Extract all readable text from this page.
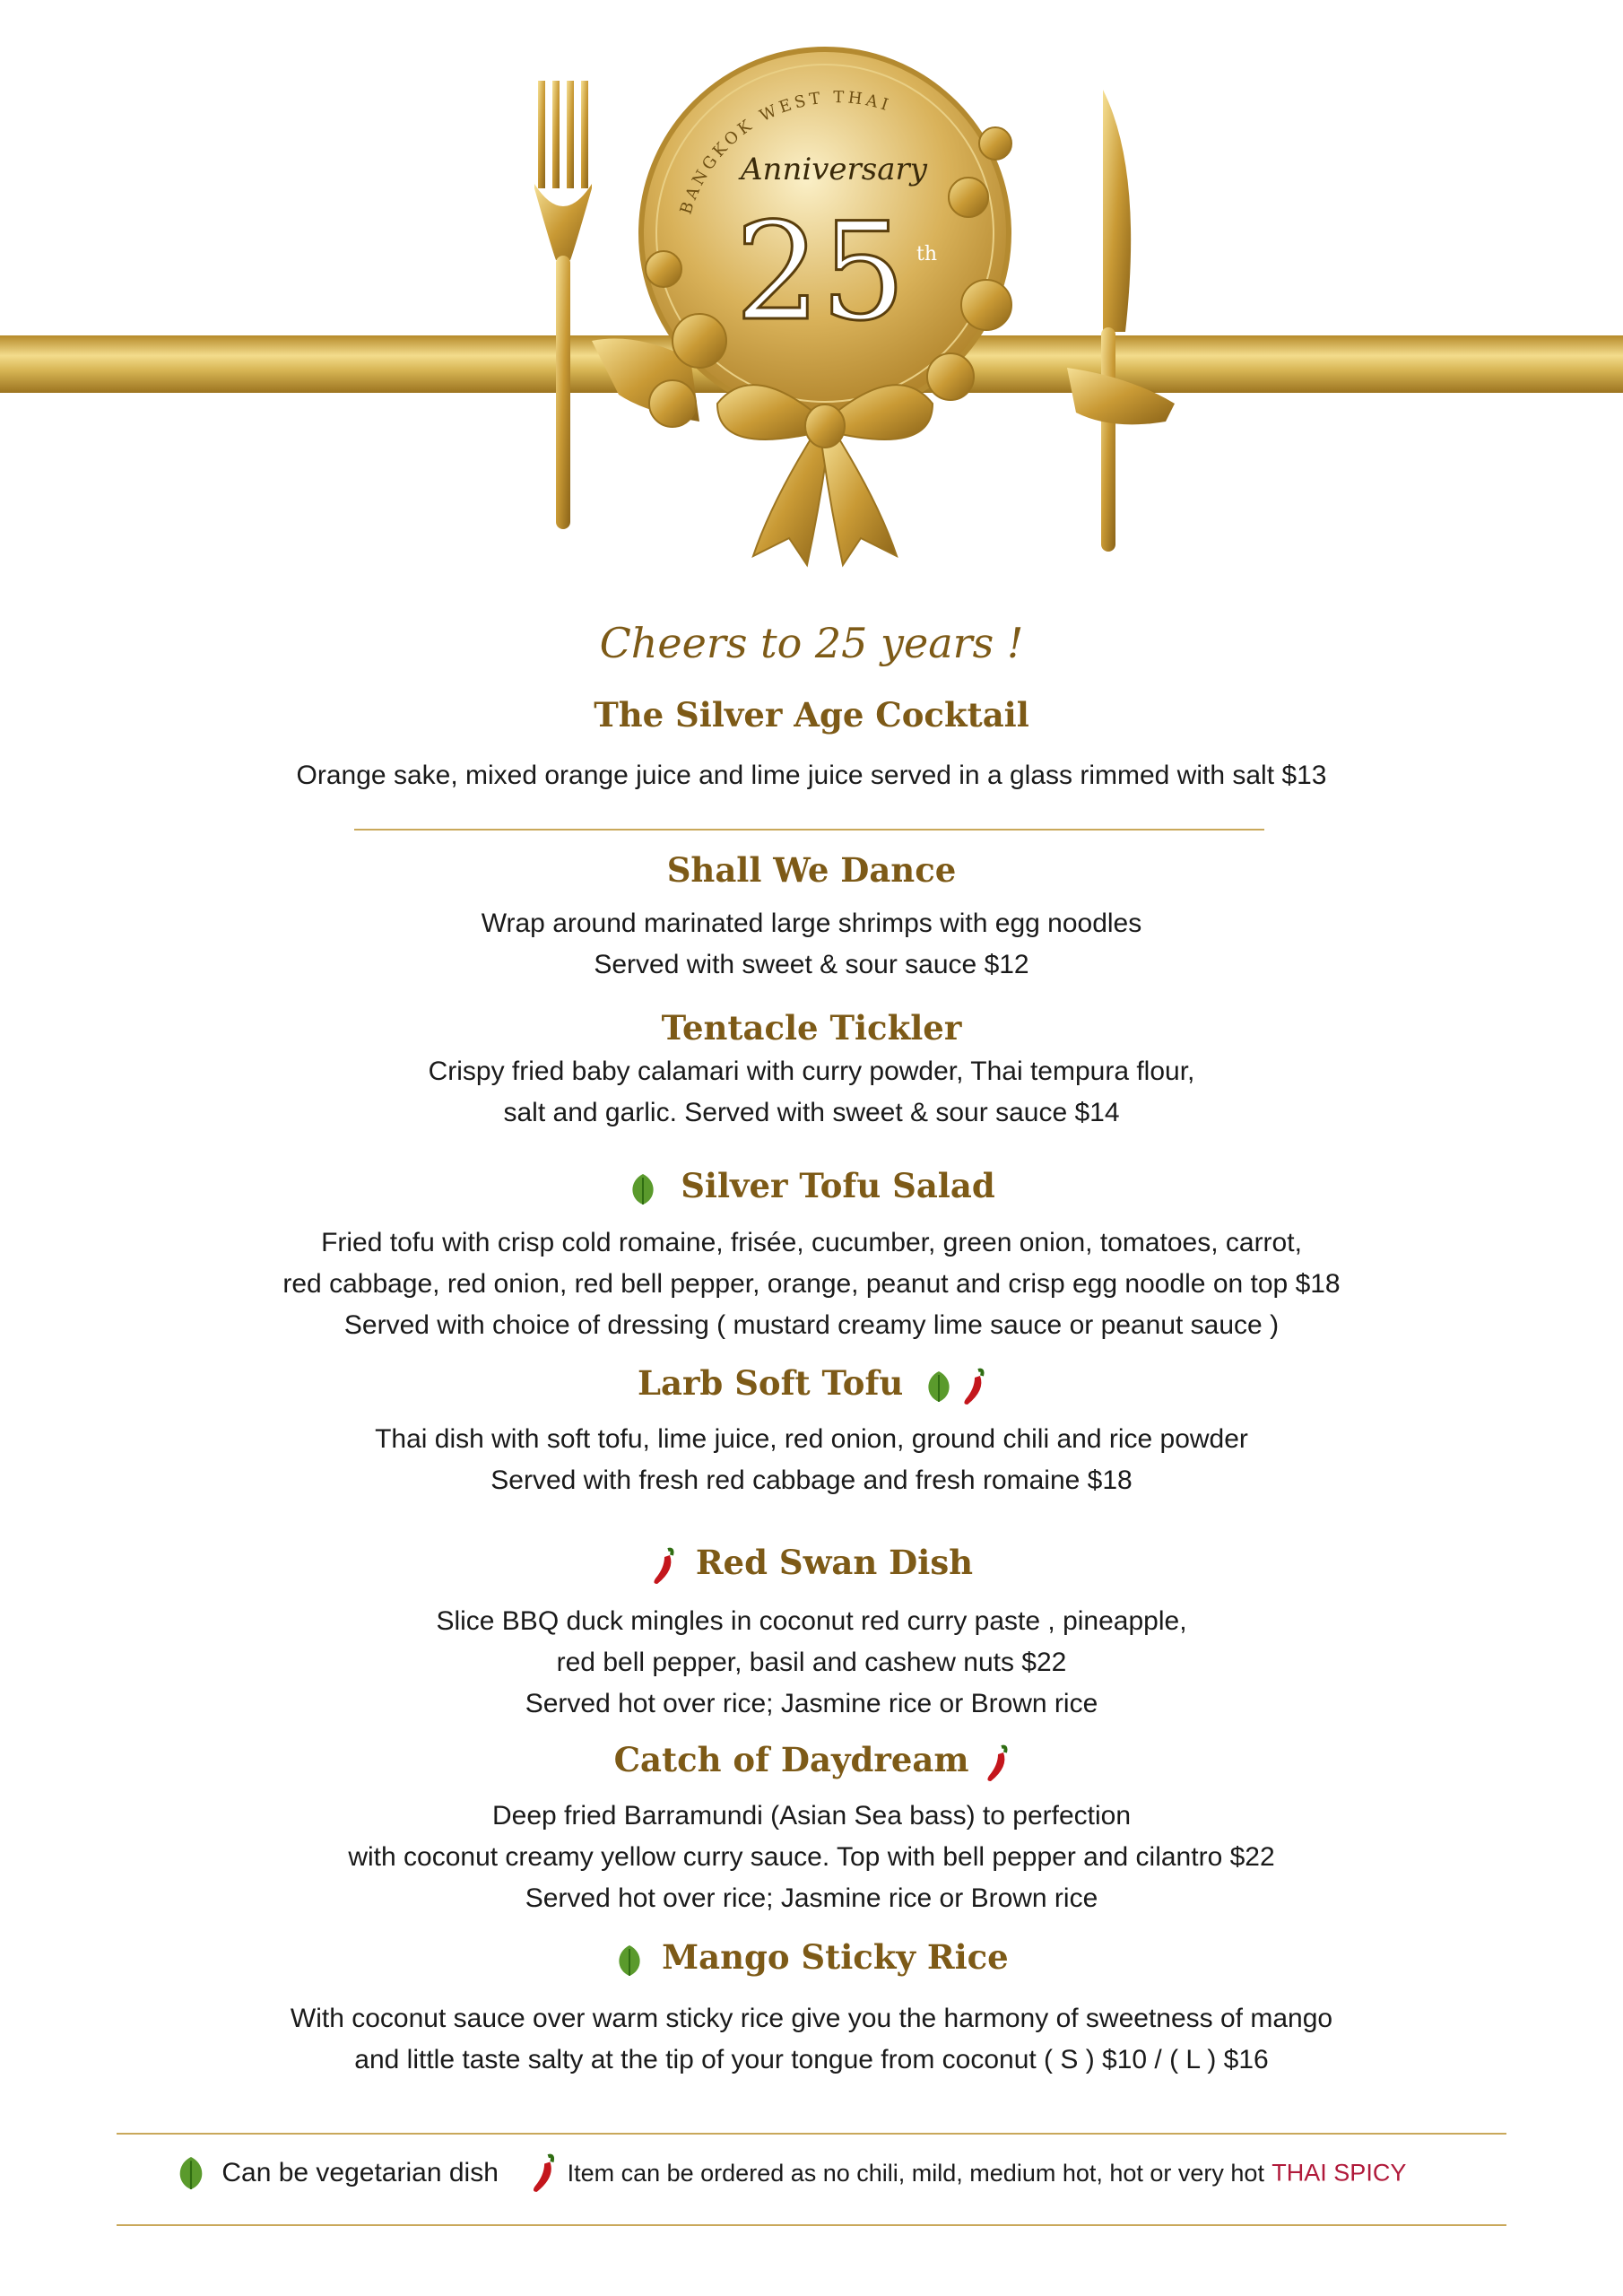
BANGKOK WEST THAI
Anniversary
25 th
Cheers to 25 years !
The Silver Age Cocktail
Orange sake, mixed orange juice and lime juice served in a glass rimmed with salt $13
Shall We Dance
Wrap around marinated large shrimps with egg noodles
Served with sweet & sour sauce $12
Tentacle Tickler
Crispy fried baby calamari with curry powder, Thai tempura flour,
salt and garlic. Served with sweet & sour sauce $14
Silver Tofu Salad
Fried tofu with crisp cold romaine, frisée, cucumber, green onion, tomatoes, carrot,
red cabbage, red onion, red bell pepper, orange, peanut and crisp egg noodle on top $18
Served with choice of dressing ( mustard creamy lime sauce or peanut sauce )
Larb Soft Tofu
Thai dish with soft tofu, lime juice, red onion, ground chili and rice powder
Served with fresh red cabbage and fresh romaine $18
Red Swan Dish
Slice BBQ duck mingles in coconut red curry paste , pineapple,
red bell pepper, basil and cashew nuts $22
Served hot over rice; Jasmine rice or Brown rice
Catch of Daydream
Deep fried Barramundi (Asian Sea bass) to perfection
with coconut creamy yellow curry sauce. Top with bell pepper and cilantro $22
Served hot over rice; Jasmine rice or Brown rice
Mango Sticky Rice
With coconut sauce over warm sticky rice give you the harmony of sweetness of mango
and little taste salty at the tip of your tongue from coconut ( S ) $10 / ( L ) $16
Can be vegetarian dish	Item can be ordered as no chili, mild, medium hot, hot or very hot THAI SPICY
